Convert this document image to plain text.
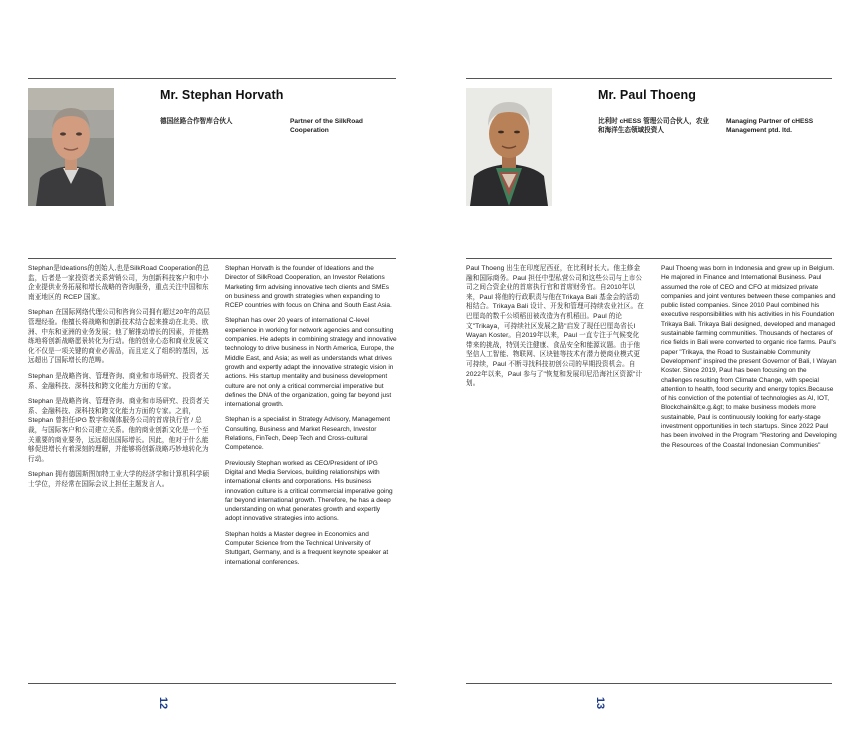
Mr. Stephan Horvath
德国丝路合作智库合伙人	Partner of the SilkRoad Cooperation

Stephan是Ideations的创始人,也是SilkRoad Cooperation的总监，后者是一家投资者关系营销公司，为创新科技客户和中小企业提供业务拓展和增长战略的咨询服务，重点关注中国和东南亚地区的 RCEP 国家。

Stephan 在国际网络代理公司和咨询公司拥有超过20年的高层管理经验。他擅长将战略和创新技术结合起来推动在北美、欧洲、中东和亚洲的业务发展；他了解推动增长的因素，并能熟练地将创新战略愿景转化为行动。他的创业心态和商业发展文化不仅是一项关键的商业必需品，而且定义了组织的基因，远远超出了国际增长的范畴。

Stephan 是战略咨询、管理咨询、商业和市场研究、投资者关系、金融科技、深科技和跨文化能力方面的专家。

Stephan 是战略咨询、管理咨询、商业和市场研究、投资者关系、金融科技、深科技和跨文化能力方面的专家。之前，Stephan 曾担任IPG 数字和媒体服务公司的首席执行官 / 总裁，与国际客户和公司建立关系。他的商业创新文化是一个至关重要的商业要务，远远超出国际增长。因此，他对于什么能够促进增长有着深刻的理解，并能够将创新战略巧妙地转化为行动。

Stephan 拥有德国斯图加特工业大学的经济学和计算机科学硕士学位，并经常在国际会议上担任主题发言人。

Stephan Horvath is the founder of Ideations and the Director of SilkRoad Cooperation, an Investor Relations Marketing firm advising innovative tech clients and SMEs on business and growth strategies when expanding to RCEP countries with focus on China and South East Asia.

Stephan has over 20 years of international C-level experience in working for network agencies and consulting companies. He adepts in combining strategy and innovative technology to drive business in North America, Europe, the Middle East, and Asia; as well as understands what drives growth and expertly adapt the innovative strategic vision in actions. His startup mentality and business development culture are not only a critical commercial imperative but defines the DNA of the organization, going far beyond just international growth.

Stephan is a specialist in Strategy Advisory, Management Consulting, Business and Market Research, Investor Relations, FinTech, Deep Tech and Cross-cultural Competence.

Previously Stephan worked as CEO/President of IPG Digital and Media Services, building relationships with international clients and corporations. His business innovation culture is a critical commercial imperative going far beyond international growth. Therefore, he has a deep understanding on what generates growth and expertly adopt innovative strategies into actions.

Stephan holds a Master degree in Economics and Computer Science from the Technical University of Stuttgart, Germany, and is a frequent keynote speaker at international conferences.

12
Mr. Paul Thoeng
比利时 cHESS 管理公司合伙人，农业和海洋生态领域投资人
Managing Partner of cHESS Management ptd. ltd.

Paul Thoeng 出生在印度尼西亚，在比利时长大。他主修金融和国际商务。Paul 担任中型私营公司和这些公司与上市公司之间合资企业的首席执行官和首席财务官。自2010年以来，Paul 将他的行政职责与他在Trikaya Bali 基金会的活动相结合。Trikaya Bali 设计、开发和管理可持续农业社区。在巴厘岛的数千公顷稻田被改造为有机稻田。Paul 的论文"Trikaya，可持续社区发展之路"启发了现任巴厘岛省长I Wayan Koster。自2019年以来，Paul 一直专注于气候变化带来的挑战，特别关注健康、食品安全和能源议题。由于他坚信人工智能、物联网、区块链等技术有潜力使商业模式更可持续，Paul 不断寻找科技初创公司的早期投资机会。自2022年以来，Paul 参与了"恢复和发展印尼沿海社区资源"计划。

Paul Thoeng was born in Indonesia and grew up in Belgium. He majored in Finance and International Business. Paul assumed the role of CEO and CFO at midsized private companies and joint ventures between these companies and public listed companies. Since 2010 Paul combined his executive responsibilities with his activities in his Foundation Trikaya Bali. Trikaya Bali designed, developed and managed sustainable farming communities. Thousands of hectares of rice fields in Bali were converted to organic rice farms. Paul's paper "Trikaya, the Road to Sustainable Community Development" inspired the present Governor of Bali, I Wayan Koster. Since 2019, Paul has been focusing on the challenges resulting from Climate Change, with special attention to health, food security and energy topics.Because of his conviction of the potential of technologies as AI, IOT, Blockchain&lt;e.g.&gt; to make business models more sustainable, Paul is continuously looking for early-stage investment opportunities in tech startups. Since 2022 Paul has been involved in the Program "Restoring and Developing the Resources of the Coastal Indonesian Communities"

13
